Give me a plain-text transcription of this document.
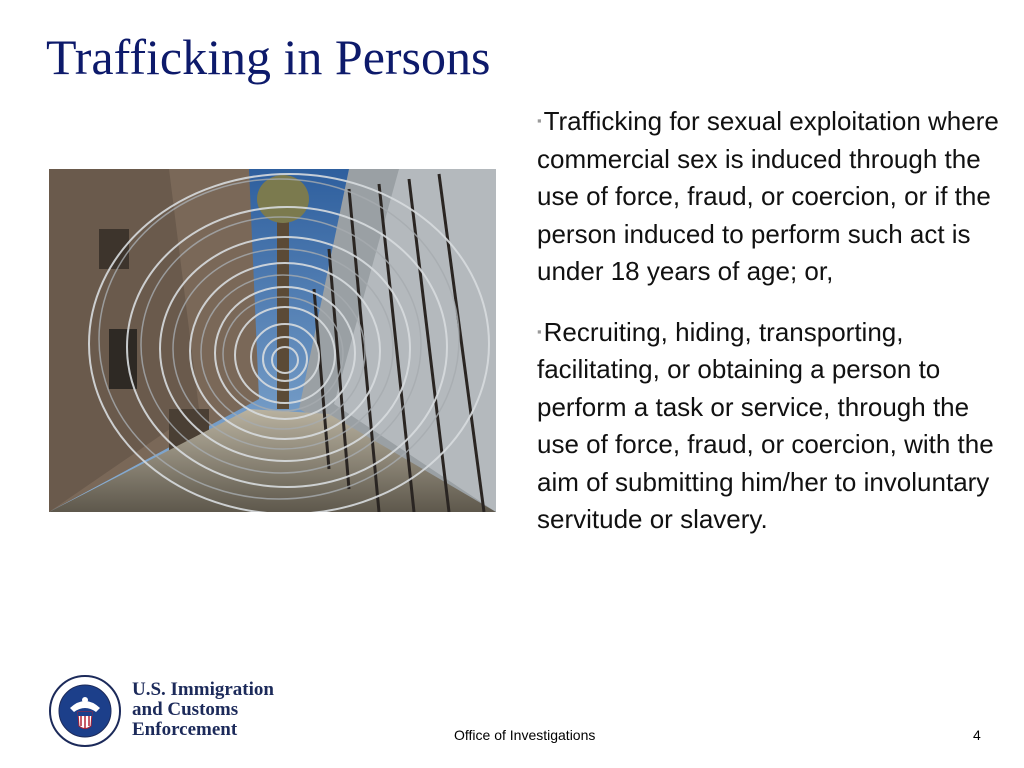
Trafficking in Persons

▪Trafficking for sexual exploitation where commercial sex is induced through the use of force, fraud, or coercion, or if the person induced to perform such act is under 18 years of age; or,

▪Recruiting, hiding, transporting, facilitating, or obtaining a person to perform a task or service, through the use of force, fraud, or coercion, with the aim of submitting him/her to involuntary servitude or slavery.

U.S. Immigration
and Customs
Enforcement	Office of Investigations	4
